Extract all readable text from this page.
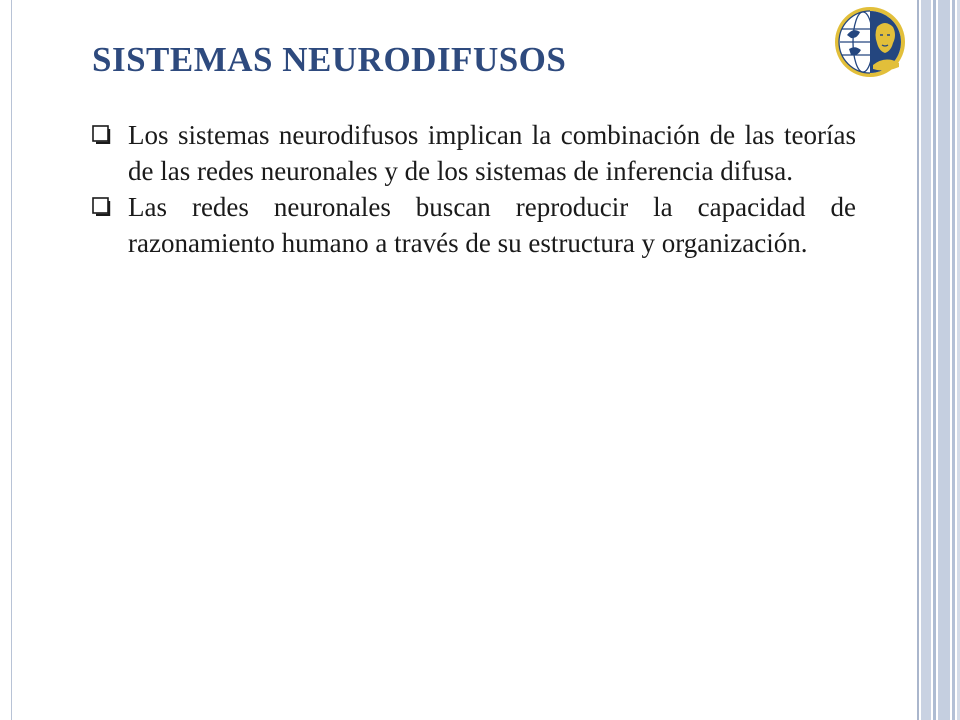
SISTEMAS NEURODIFUSOS
Los sistemas neurodifusos implican la combinación de las teorías de las redes neuronales y de los sistemas de inferencia difusa.
Las redes neuronales buscan reproducir la capacidad de razonamiento humano a través de su estructura y organización.
